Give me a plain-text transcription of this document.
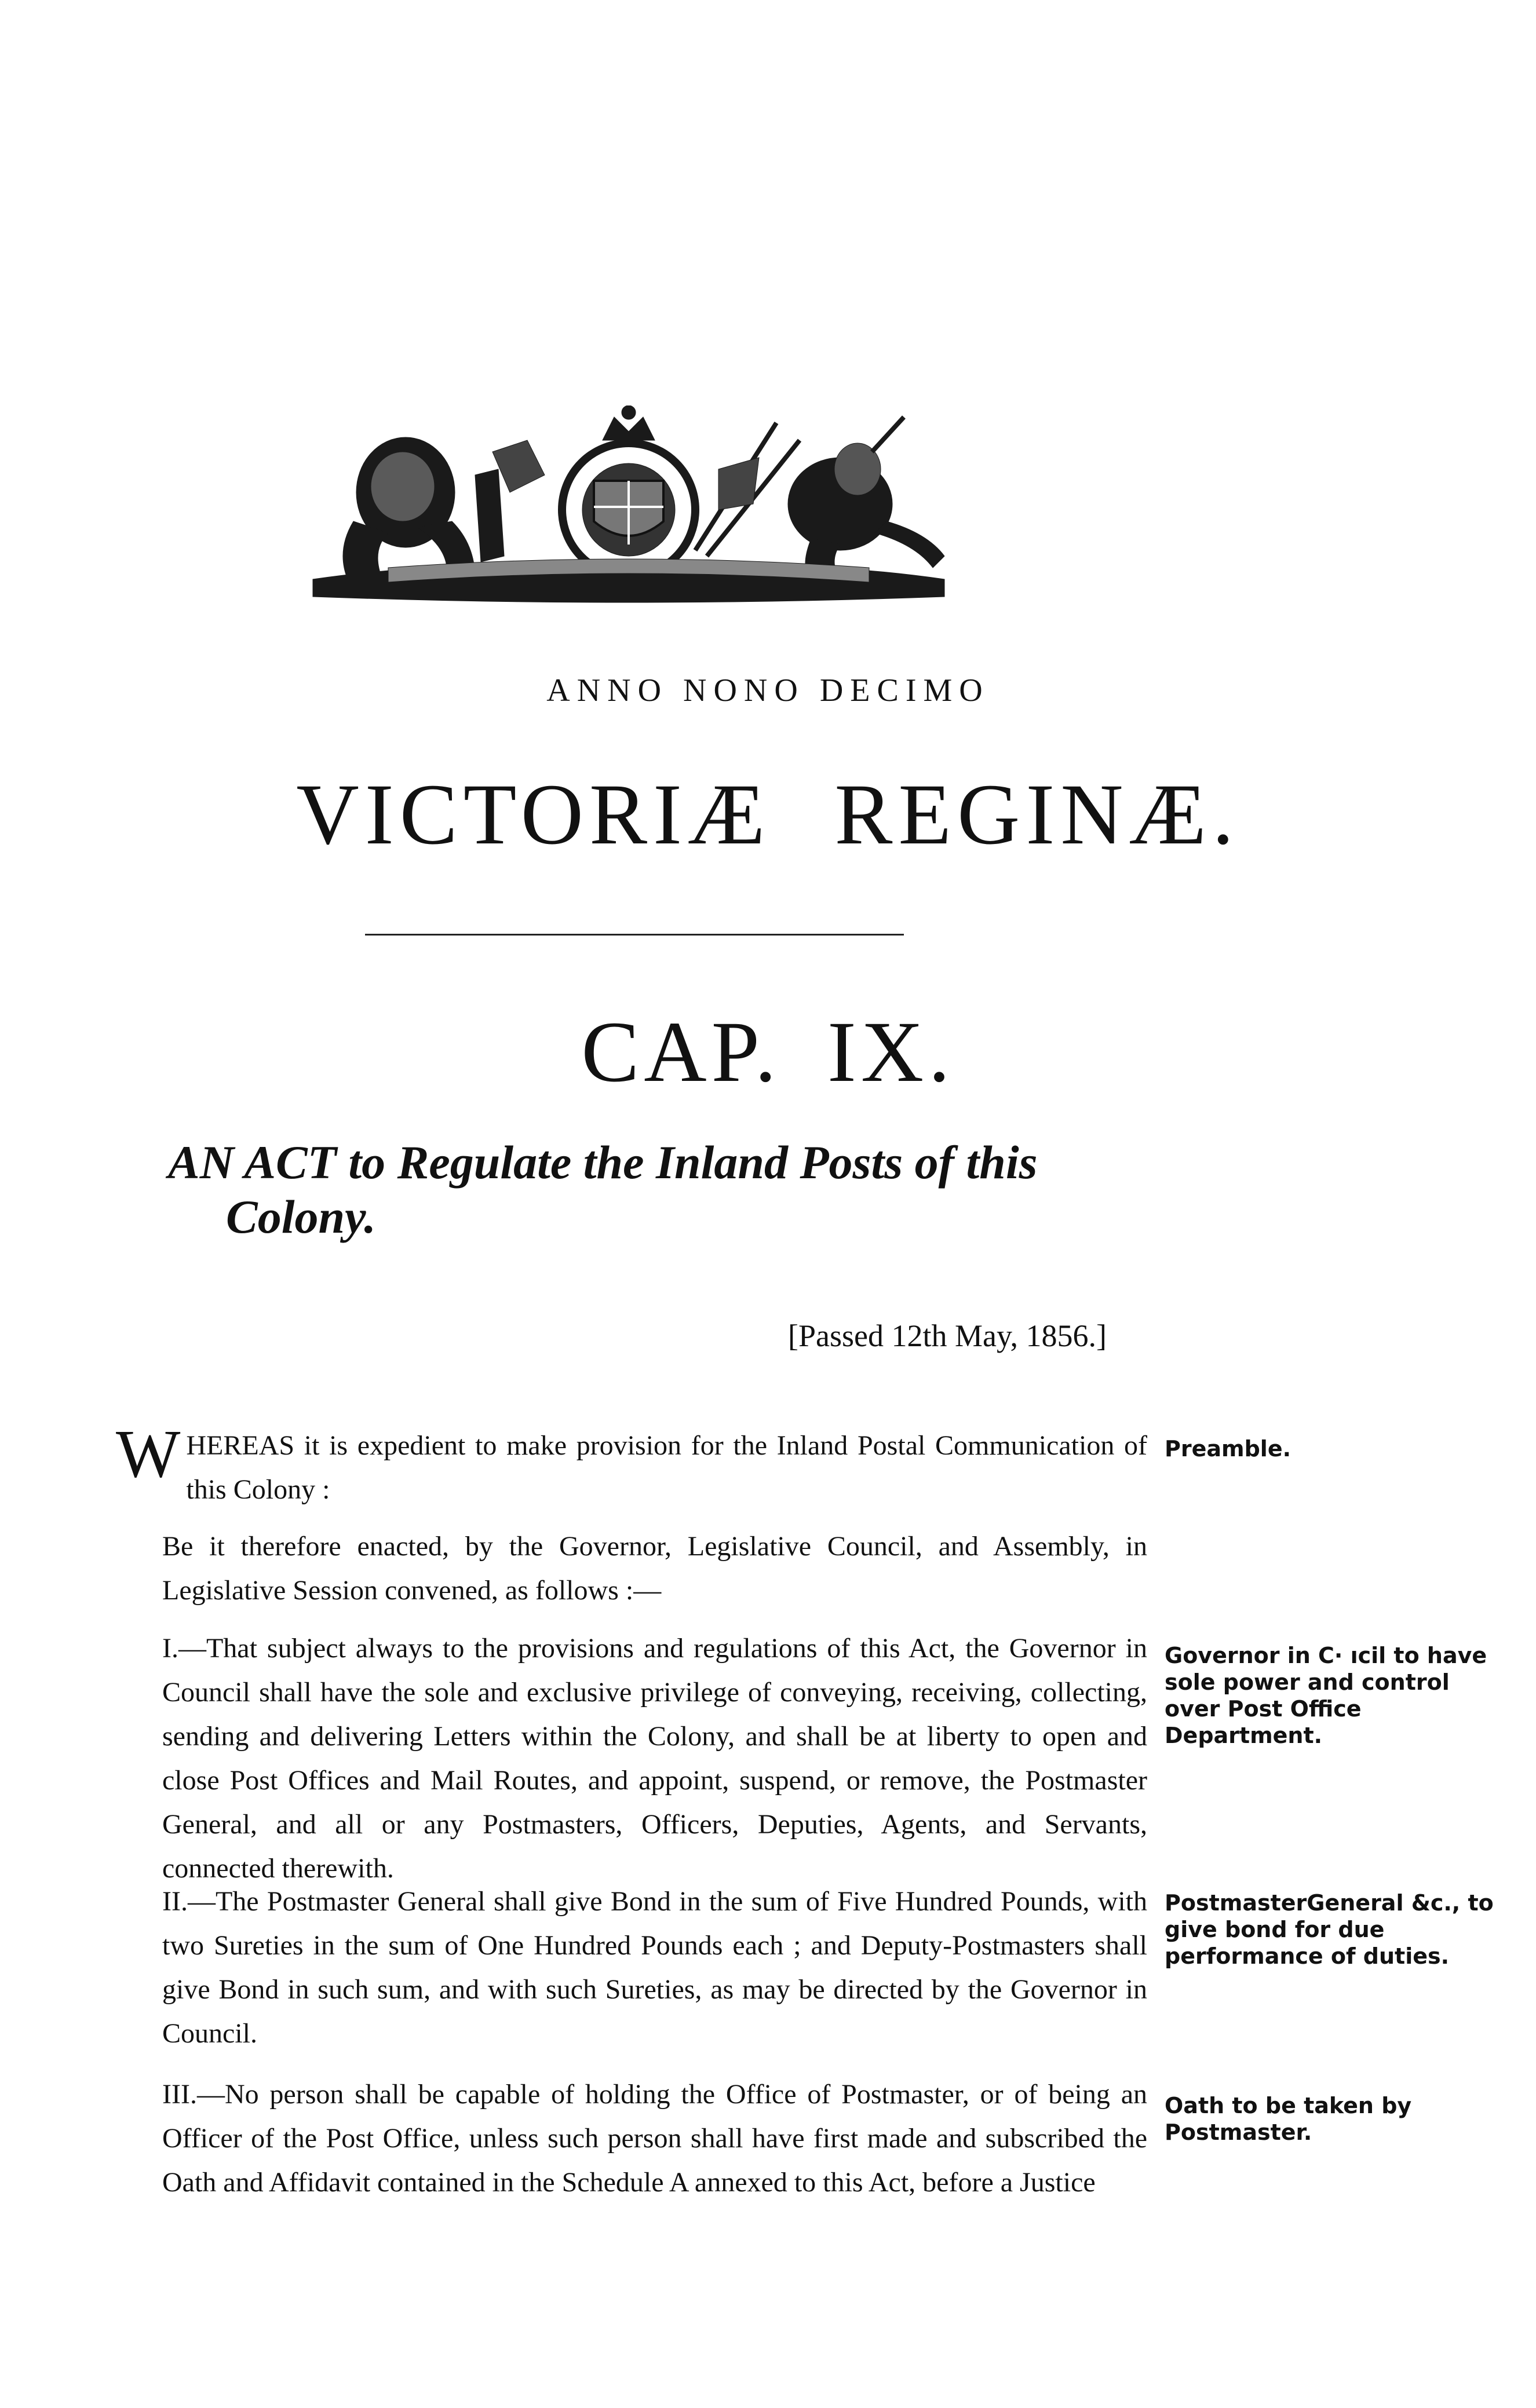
ANNO NONO DECIMO
VICTORIÆ REGINÆ.
CAP. IX.
AN ACT to Regulate the Inland Posts of this
Colony.
[Passed 12th May, 1856.]
WHEREAS it is expedient to make provision for the Inland Postal Communication of this Colony :
Be it therefore enacted, by the Governor, Legislative Council, and Assembly, in Legislative Session convened, as follows :—
I.—That subject always to the provisions and regulations of this Act, the Governor in Council shall have the sole and exclusive privilege of conveying, receiving, collecting, sending and delivering Letters within the Colony, and shall be at liberty to open and close Post Offices and Mail Routes, and appoint, suspend, or remove, the Postmaster General, and all or any Postmasters, Officers, Deputies, Agents, and Servants, connected therewith.
II.—The Postmaster General shall give Bond in the sum of Five Hundred Pounds, with two Sureties in the sum of One Hundred Pounds each ; and Deputy-Postmasters shall give Bond in such sum, and with such Sureties, as may be directed by the Governor in Council.
III.—No person shall be capable of holding the Office of Postmaster, or of being an Officer of the Post Office, unless such person shall have first made and subscribed the Oath and Affidavit contained in the Schedule A annexed to this Act, before a Justice
Preamble.
Governor in C· ıcil to have sole power and control over Post Office Department.
PostmasterGeneral &c., to give bond for due performance of duties.
Oath to be taken by Postmaster.
